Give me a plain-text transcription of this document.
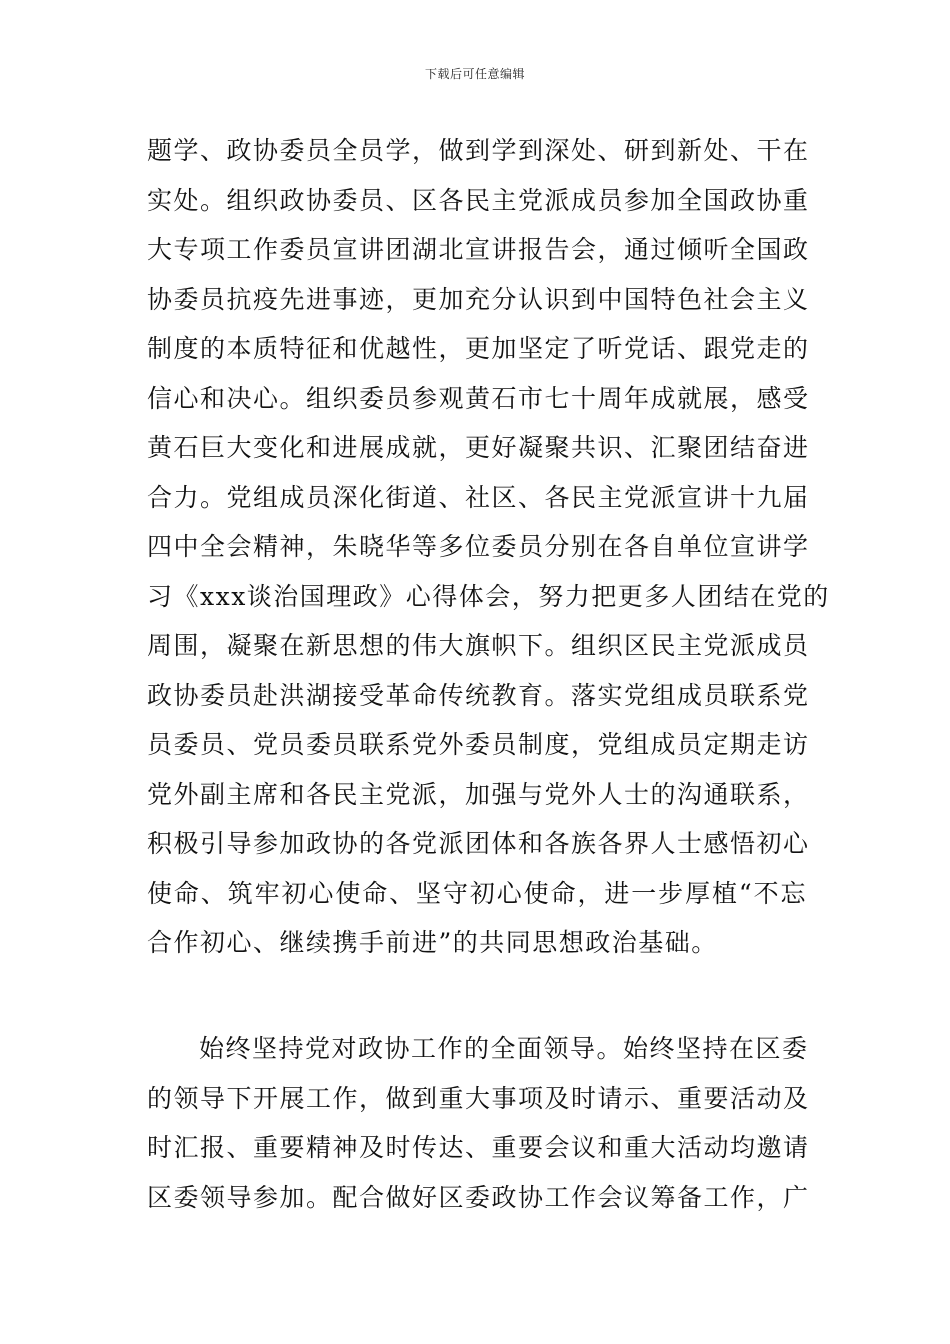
下载后可任意编辑
题学、政协委员全员学，做到学到深处、研到新处、干在
实处。组织政协委员、区各民主党派成员参加全国政协重
大专项工作委员宣讲团湖北宣讲报告会，通过倾听全国政
协委员抗疫先进事迹，更加充分认识到中国特色社会主义
制度的本质特征和优越性，更加坚定了听党话、跟党走的
信心和决心。组织委员参观黄石市七十周年成就展，感受
黄石巨大变化和进展成就，更好凝聚共识、汇聚团结奋进
合力。党组成员深化街道、社区、各民主党派宣讲十九届
四中全会精神，朱晓华等多位委员分别在各自单位宣讲学
习《xxx谈治国理政》心得体会，努力把更多人团结在党的
周围，凝聚在新思想的伟大旗帜下。组织区民主党派成员
政协委员赴洪湖接受革命传统教育。落实党组成员联系党
员委员、党员委员联系党外委员制度，党组成员定期走访
党外副主席和各民主党派，加强与党外人士的沟通联系，
积极引导参加政协的各党派团体和各族各界人士感悟初心
使命、筑牢初心使命、坚守初心使命，进一步厚植“不忘
合作初心、继续携手前进”的共同思想政治基础。
始终坚持党对政协工作的全面领导。始终坚持在区委
的领导下开展工作，做到重大事项及时请示、重要活动及
时汇报、重要精神及时传达、重要会议和重大活动均邀请
区委领导参加。配合做好区委政协工作会议筹备工作，广
